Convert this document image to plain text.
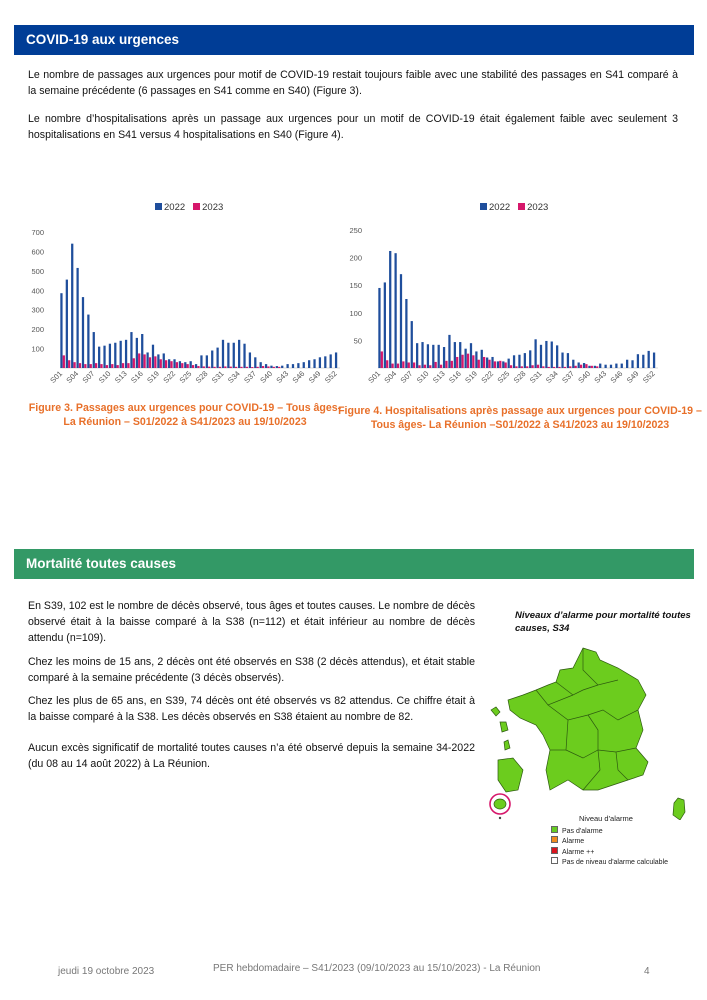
COVID-19 aux urgences
Le nombre de passages aux urgences pour motif de COVID-19 restait toujours faible avec une stabilité des passages en S41 comparé à la semaine précédente (6 passages en S41 comme en S40) (Figure 3).
Le nombre d’hospitalisations après un passage aux urgences pour un motif de COVID-19 était également faible avec seulement 3 hospitalisations en S41 versus 4 hospitalisations en S40 (Figure 4).
2022	2023
100
200
300
400
500
600
700
S01 S04 S07 S10 S13 S16 S19 S22 S25 S28 S31 S34 S37 S40 S43 S46 S49 S52
2022	2023
50
100
150
200
250
S01 S04 S07 S10 S13 S16 S19 S22 S25 S28 S31 S34 S37 S40 S43 S46 S49 S52
Figure 3. Passages aux urgences pour COVID-19 – Tous âges-
La Réunion – S01/2022 à S41/2023 au 19/10/2023
Figure 4. Hospitalisations après passage aux urgences pour COVID-19 –
Tous âges- La Réunion –S01/2022 à S41/2023 au 19/10/2023
Mortalité toutes causes
En S39, 102 est le nombre de décès observé, tous âges et toutes causes. Le nombre de décès observé était à la baisse comparé à la S38 (n=112) et était inférieur au nombre de décès attendu (n=109).
Chez les moins de 15 ans, 2 décès ont été observés en S38 (2 décès attendus), et était stable comparé à la semaine précédente (3 décès observés).
Chez les plus de 65 ans, en S39, 74 décès ont été observés vs 82 attendus. Ce chiffre était à la baisse comparé à la S38. Les décès observés en S38 étaient au nombre de 82.
Aucun excès significatif de mortalité toutes causes n’a été observé depuis la semaine 34-2022 (du 08 au 14 août 2022) à La Réunion.
Niveaux d’alarme pour mortalité toutes causes, S34
Niveau d'alarme
Pas d'alarme
Alarme
Alarme ++
Pas de niveau d'alarme calculable
jeudi 19 octobre 2023	PER hebdomadaire – S41/2023 (09/10/2023 au 15/10/2023) - La Réunion	4
